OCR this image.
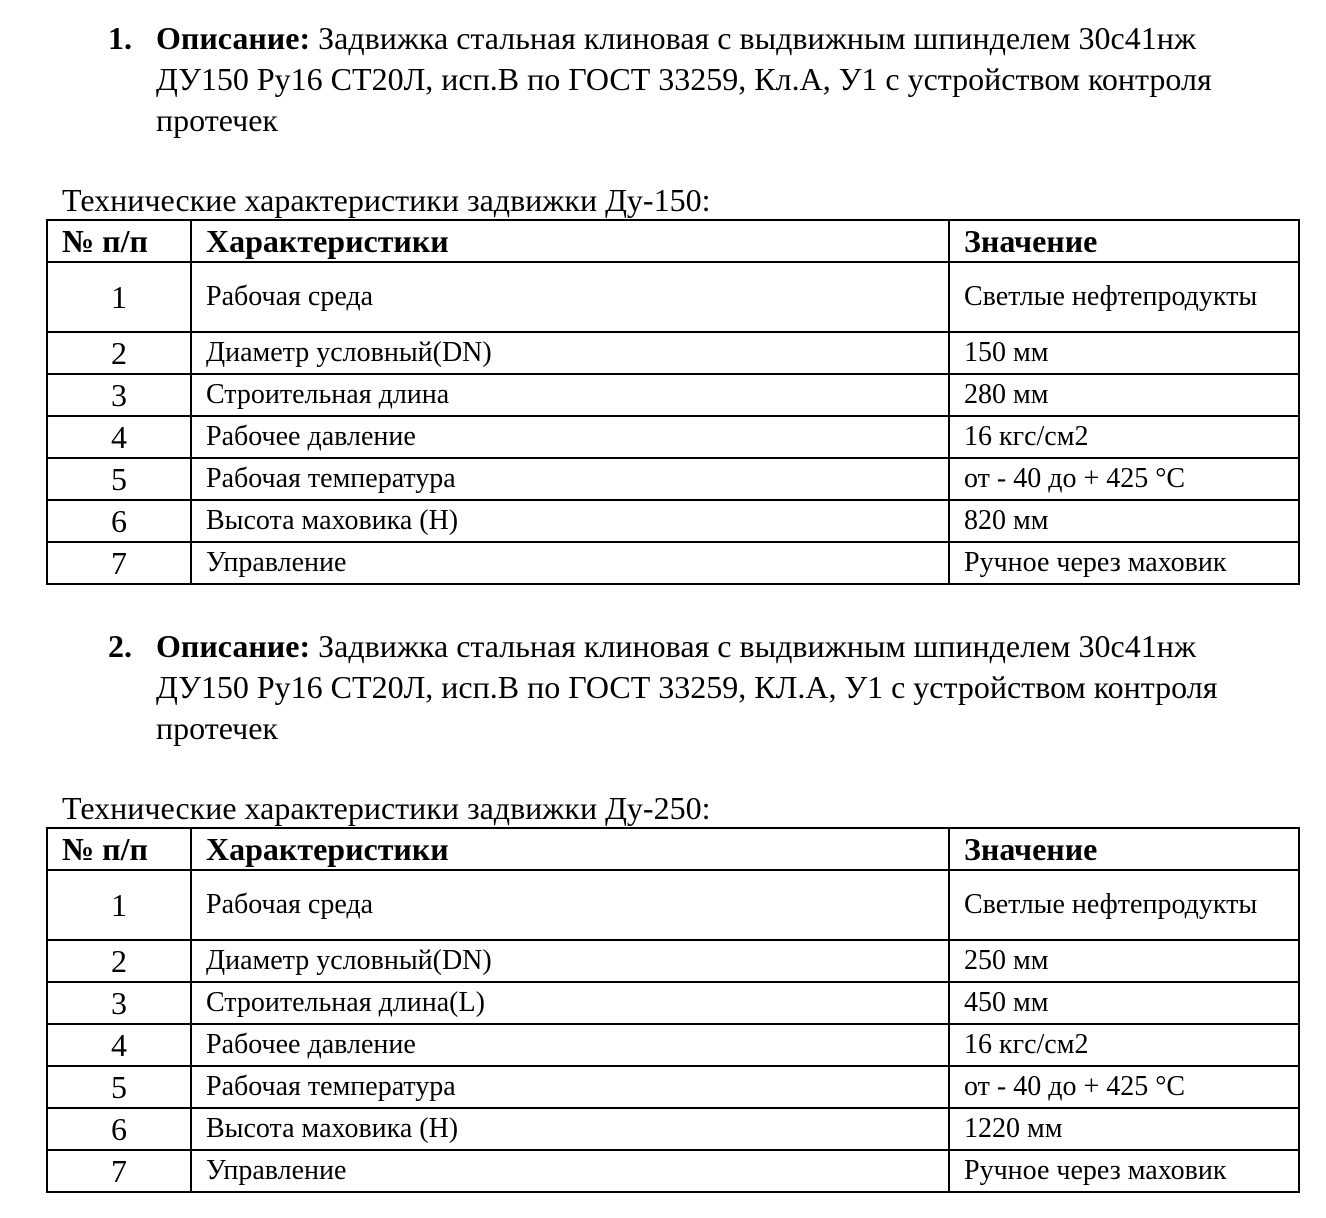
1. Описание: Задвижка стальная клиновая с выдвижным шпинделем 30с41нж ДУ150 Ру16 СТ20Л, исп.В по ГОСТ 33259, Кл.А, У1 с устройством контроля протечек
Технические характеристики задвижки Ду-150:
№ п/п	Характеристики	Значение
1	Рабочая среда	Светлые нефтепродукты
2	Диаметр условный(DN)	150 мм
3	Строительная длина	280 мм
4	Рабочее давление	16 кгс/см2
5	Рабочая температура	от - 40 до + 425 °С
6	Высота маховика (Н)	820 мм
7	Управление	Ручное через маховик
2. Описание: Задвижка стальная клиновая с выдвижным шпинделем 30с41нж ДУ150 Ру16 СТ20Л, исп.В по ГОСТ 33259, КЛ.А, У1 с устройством контроля протечек
Технические характеристики задвижки Ду-250:
№ п/п	Характеристики	Значение
1	Рабочая среда	Светлые нефтепродукты
2	Диаметр условный(DN)	250 мм
3	Строительная длина(L)	450 мм
4	Рабочее давление	16 кгс/см2
5	Рабочая температура	от - 40 до + 425 °С
6	Высота маховика (Н)	1220 мм
7	Управление	Ручное через маховик
